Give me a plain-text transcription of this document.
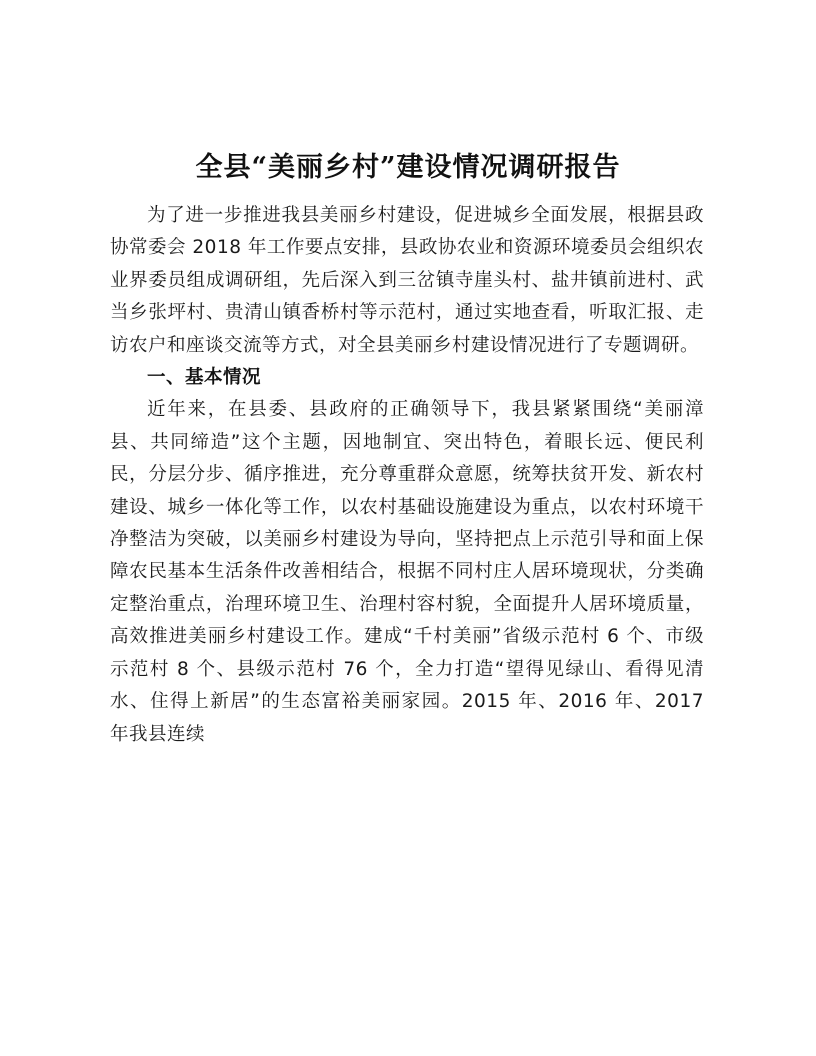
全县“美丽乡村”建设情况调研报告

为了进一步推进我县美丽乡村建设，促进城乡全面发展，根据县政协常委会 2018 年工作要点安排，县政协农业和资源环境委员会组织农业界委员组成调研组，先后深入到三岔镇寺崖头村、盐井镇前进村、武当乡张坪村、贵清山镇香桥村等示范村，通过实地查看，听取汇报、走访农户和座谈交流等方式，对全县美丽乡村建设情况进行了专题调研。

一、基本情况

近年来，在县委、县政府的正确领导下，我县紧紧围绕“美丽漳县、共同缔造”这个主题，因地制宜、突出特色，着眼长远、便民利民，分层分步、循序推进，充分尊重群众意愿，统筹扶贫开发、新农村建设、城乡一体化等工作，以农村基础设施建设为重点，以农村环境干净整洁为突破，以美丽乡村建设为导向，坚持把点上示范引导和面上保障农民基本生活条件改善相结合，根据不同村庄人居环境现状，分类确定整治重点，治理环境卫生、治理村容村貌，全面提升人居环境质量，高效推进美丽乡村建设工作。建成“千村美丽”省级示范村 6 个、市级示范村 8 个、县级示范村 76 个，全力打造“望得见绿山、看得见清水、住得上新居”的生态富裕美丽家园。2015 年、2016 年、2017 年我县连续
